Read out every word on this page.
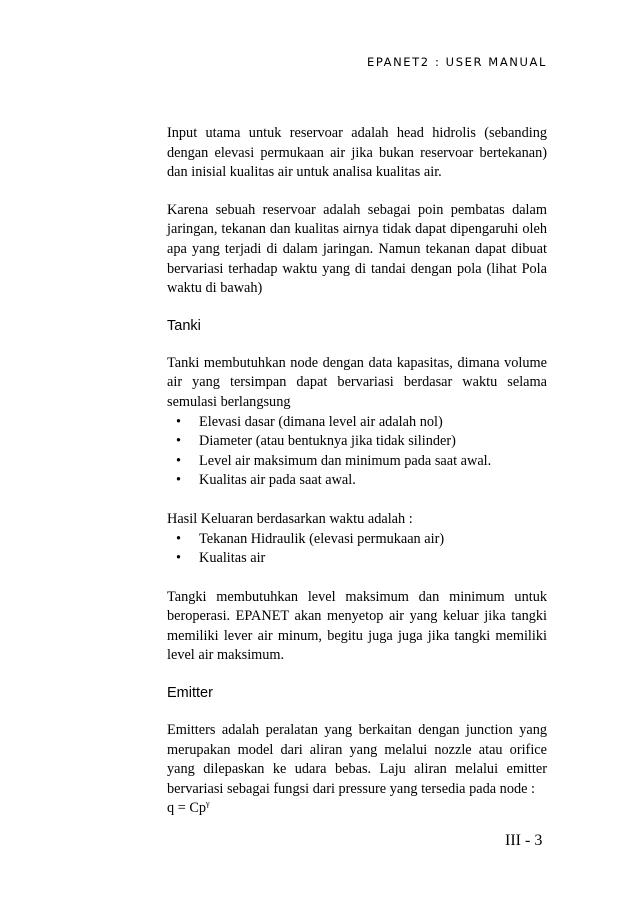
EPANET2 : USER MANUAL

Input utama untuk reservoar adalah head hidrolis (sebanding dengan elevasi permukaan air jika bukan reservoar bertekanan) dan inisial kualitas air untuk analisa kualitas air.

Karena sebuah reservoar adalah sebagai poin pembatas dalam jaringan, tekanan dan kualitas airnya tidak dapat dipengaruhi oleh apa yang terjadi di dalam jaringan. Namun tekanan dapat dibuat bervariasi terhadap waktu yang di tandai dengan pola (lihat Pola waktu di bawah)

Tanki

Tanki membutuhkan node dengan data kapasitas, dimana volume air yang tersimpan dapat bervariasi berdasar waktu selama semulasi berlangsung

• Elevasi dasar (dimana level air adalah nol)
• Diameter (atau bentuknya jika tidak silinder)
• Level air maksimum dan minimum pada saat awal.
• Kualitas air pada saat awal.

Hasil Keluaran berdasarkan waktu adalah :

• Tekanan Hidraulik (elevasi permukaan air)
• Kualitas air

Tangki membutuhkan level maksimum dan minimum untuk beroperasi. EPANET akan menyetop air yang keluar jika tangki memiliki lever air minum, begitu juga juga jika tangki memiliki level air maksimum.

Emitter

Emitters adalah peralatan yang berkaitan dengan junction yang merupakan model dari aliran yang melalui nozzle atau orifice yang dilepaskan ke udara bebas. Laju aliran melalui emitter bervariasi sebagai fungsi dari pressure yang tersedia pada node :

$q = Cp^\gamma$
III - 3
